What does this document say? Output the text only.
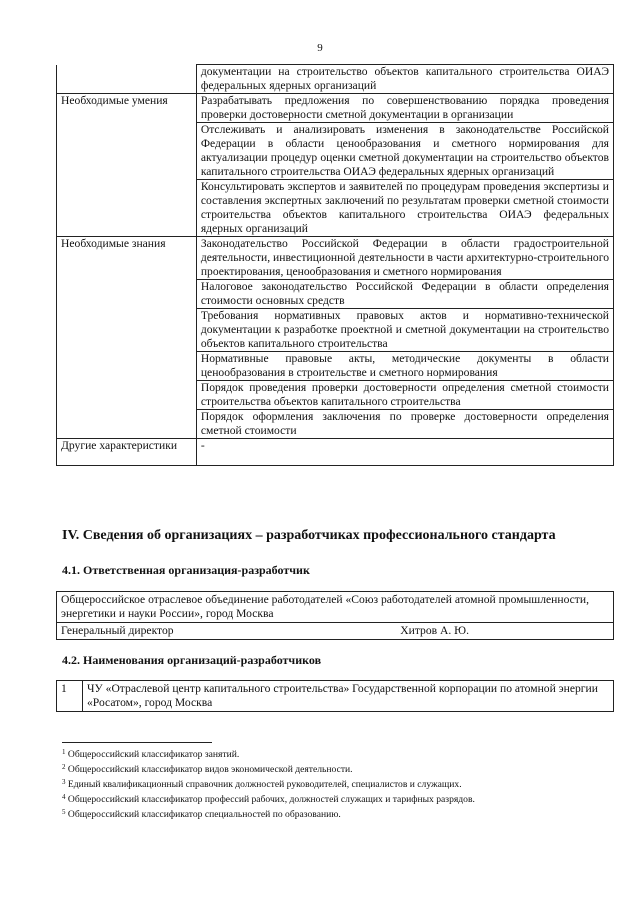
9
	документации на строительство объектов капитального строительства ОИАЭ федеральных ядерных организаций
Необходимые умения	Разрабатывать предложения по совершенствованию порядка проведения проверки достоверности сметной документации в организации
	Отслеживать и анализировать изменения в законодательстве Российской Федерации в области ценообразования и сметного нормирования для актуализации процедур оценки сметной документации на строительство объектов капитального строительства ОИАЭ федеральных ядерных организаций
	Консультировать экспертов и заявителей по процедурам проведения экспертизы и составления экспертных заключений по результатам проверки сметной стоимости строительства объектов капитального строительства ОИАЭ федеральных ядерных организаций
Необходимые знания	Законодательство Российской Федерации в области градостроительной деятельности, инвестиционной деятельности в части архитектурно-строительного проектирования, ценообразования и сметного нормирования
	Налоговое законодательство Российской Федерации в области определения стоимости основных средств
	Требования нормативных правовых актов и нормативно-технической документации к разработке проектной и сметной документации на строительство объектов капитального строительства
	Нормативные правовые акты, методические документы в области ценообразования в строительстве и сметного нормирования
	Порядок проведения проверки достоверности определения сметной стоимости строительства объектов капитального строительства
	Порядок оформления заключения по проверке достоверности определения сметной стоимости
Другие характеристики	-
IV. Сведения об организациях – разработчиках профессионального стандарта
4.1. Ответственная организация-разработчик
Общероссийское отраслевое объединение работодателей «Союз работодателей атомной промышленности, энергетики и науки России», город Москва

Генеральный директор	Хитров А. Ю.
4.2. Наименования организаций-разработчиков
1	ЧУ «Отраслевой центр капитального строительства» Государственной корпорации по атомной энергии «Росатом», город Москва
$^1$ Общероссийский классификатор занятий.
$^2$ Общероссийский классификатор видов экономической деятельности.
$^3$ Единый квалификационный справочник должностей руководителей, специалистов и служащих.
$^4$ Общероссийский классификатор профессий рабочих, должностей служащих и тарифных разрядов.
$^5$ Общероссийский классификатор специальностей по образованию.
